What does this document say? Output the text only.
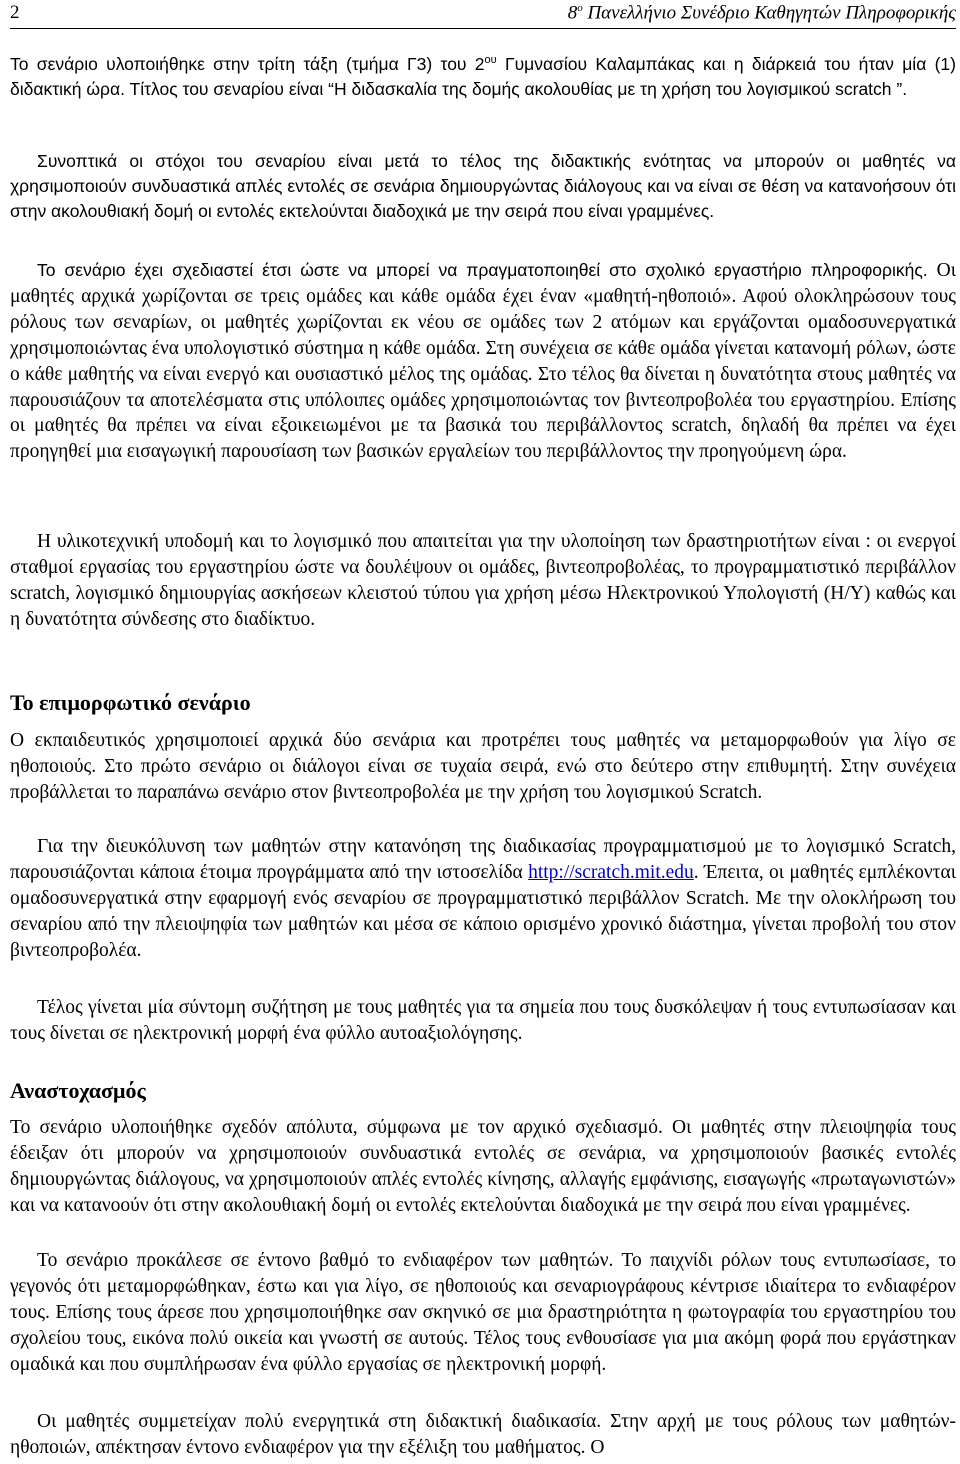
2	$8^o$ Πανελλήνιο Συνέδριο Καθηγητών Πληροφορικής

Το σενάριο υλοποιήθηκε στην τρίτη τάξη (τμήμα Γ3) του $2^{o\upsilon}$ Γυμνασίου Καλαμπάκας και η διάρκειά του ήταν μία (1) διδακτική ώρα. Τίτλος του σεναρίου είναι “Η διδασκαλία της δομής ακολουθίας με τη χρήση του λογισμικού scratch ”.

Συνοπτικά οι στόχοι του σεναρίου είναι μετά το τέλος της διδακτικής ενότητας να μπορούν οι μαθητές να χρησιμοποιούν συνδυαστικά απλές εντολές σε σενάρια δημιουργώντας διάλογους και να είναι σε θέση να κατανοήσουν ότι στην ακολουθιακή δομή οι εντολές εκτελούνται διαδοχικά με την σειρά που είναι γραμμένες.

Το σενάριο έχει σχεδιαστεί έτσι ώστε να μπορεί να πραγματοποιηθεί στο σχολικό εργαστήριο πληροφορικής. Οι μαθητές αρχικά χωρίζονται σε τρεις ομάδες και κάθε ομάδα έχει έναν «μαθητή-ηθοποιό». Αφού ολοκληρώσουν τους ρόλους των σεναρίων, οι μαθητές χωρίζονται εκ νέου σε ομάδες των 2 ατόμων και εργάζονται ομαδοσυνεργατικά χρησιμοποιώντας ένα υπολογιστικό σύστημα η κάθε ομάδα. Στη συνέχεια σε κάθε ομάδα γίνεται κατανομή ρόλων, ώστε ο κάθε μαθητής να είναι ενεργό και ουσιαστικό μέλος της ομάδας. Στο τέλος θα δίνεται η δυνατότητα στους μαθητές να παρουσιάζουν τα αποτελέσματα στις υπόλοιπες ομάδες χρησιμοποιώντας τον βιντεοπροβολέα του εργαστηρίου. Επίσης οι μαθητές θα πρέπει να είναι εξοικειωμένοι με τα βασικά του περιβάλλοντος scratch, δηλαδή θα πρέπει να έχει προηγηθεί μια εισαγωγική παρουσίαση των βασικών εργαλείων του περιβάλλοντος την προηγούμενη ώρα.

Η υλικοτεχνική υποδομή και το λογισμικό που απαιτείται για την υλοποίηση των δραστηριοτήτων είναι : οι ενεργοί σταθμοί εργασίας του εργαστηρίου ώστε να δουλέψουν οι ομάδες, βιντεοπροβολέας, το προγραμματιστικό περιβάλλον scratch, λογισμικό δημιουργίας ασκήσεων κλειστού τύπου για χρήση μέσω Ηλεκτρονικού Υπολογιστή (Η/Υ) καθώς και η δυνατότητα σύνδεσης στο διαδίκτυο.

Το επιμορφωτικό σενάριο

Ο εκπαιδευτικός χρησιμοποιεί αρχικά δύο σενάρια και προτρέπει τους μαθητές να μεταμορφωθούν για λίγο σε ηθοποιούς. Στο πρώτο σενάριο οι διάλογοι είναι σε τυχαία σειρά, ενώ στο δεύτερο στην επιθυμητή. Στην συνέχεια προβάλλεται το παραπάνω σενάριο στον βιντεοπροβολέα με την χρήση του λογισμικού Scratch.

Για την διευκόλυνση των μαθητών στην κατανόηση της διαδικασίας προγραμματισμού με το λογισμικό Scratch, παρουσιάζονται κάποια έτοιμα προγράμματα από την ιστοσελίδα http://scratch.mit.edu. Έπειτα, οι μαθητές εμπλέκονται ομαδοσυνεργατικά στην εφαρμογή ενός σεναρίου σε προγραμματιστικό περιβάλλον Scratch. Με την ολοκλήρωση του σεναρίου από την πλειοψηφία των μαθητών και μέσα σε κάποιο ορισμένο χρονικό διάστημα, γίνεται προβολή του στον βιντεοπροβολέα.

Τέλος γίνεται μία σύντομη συζήτηση με τους μαθητές για τα σημεία που τους δυσκόλεψαν ή τους εντυπωσίασαν και τους δίνεται σε ηλεκτρονική μορφή ένα φύλλο αυτοαξιολόγησης.

Αναστοχασμός

Το σενάριο υλοποιήθηκε σχεδόν απόλυτα, σύμφωνα με τον αρχικό σχεδιασμό. Οι μαθητές στην πλειοψηφία τους έδειξαν ότι μπορούν να χρησιμοποιούν συνδυαστικά εντολές σε σενάρια, να χρησιμοποιούν βασικές εντολές δημιουργώντας διάλογους, να χρησιμοποιούν απλές εντολές κίνησης, αλλαγής εμφάνισης, εισαγωγής «πρωταγωνιστών» και να κατανοούν ότι στην ακολουθιακή δομή οι εντολές εκτελούνται διαδοχικά με την σειρά που είναι γραμμένες.

Το σενάριο προκάλεσε σε έντονο βαθμό το ενδιαφέρον των μαθητών. Το παιχνίδι ρόλων τους εντυπωσίασε, το γεγονός ότι μεταμορφώθηκαν, έστω και για λίγο, σε ηθοποιούς και σεναριογράφους κέντρισε ιδιαίτερα το ενδιαφέρον τους. Επίσης τους άρεσε που χρησιμοποιήθηκε σαν σκηνικό σε μια δραστηριότητα η φωτογραφία του εργαστηρίου του σχολείου τους, εικόνα πολύ οικεία και γνωστή σε αυτούς. Τέλος τους ενθουσίασε για μια ακόμη φορά που εργάστηκαν ομαδικά και που συμπλήρωσαν ένα φύλλο εργασίας σε ηλεκτρονική μορφή.

Οι μαθητές συμμετείχαν πολύ ενεργητικά στη διδακτική διαδικασία. Στην αρχή με τους ρόλους των μαθητών-ηθοποιών, απέκτησαν έντονο ενδιαφέρον για την εξέλιξη του μαθήματος. Ο
